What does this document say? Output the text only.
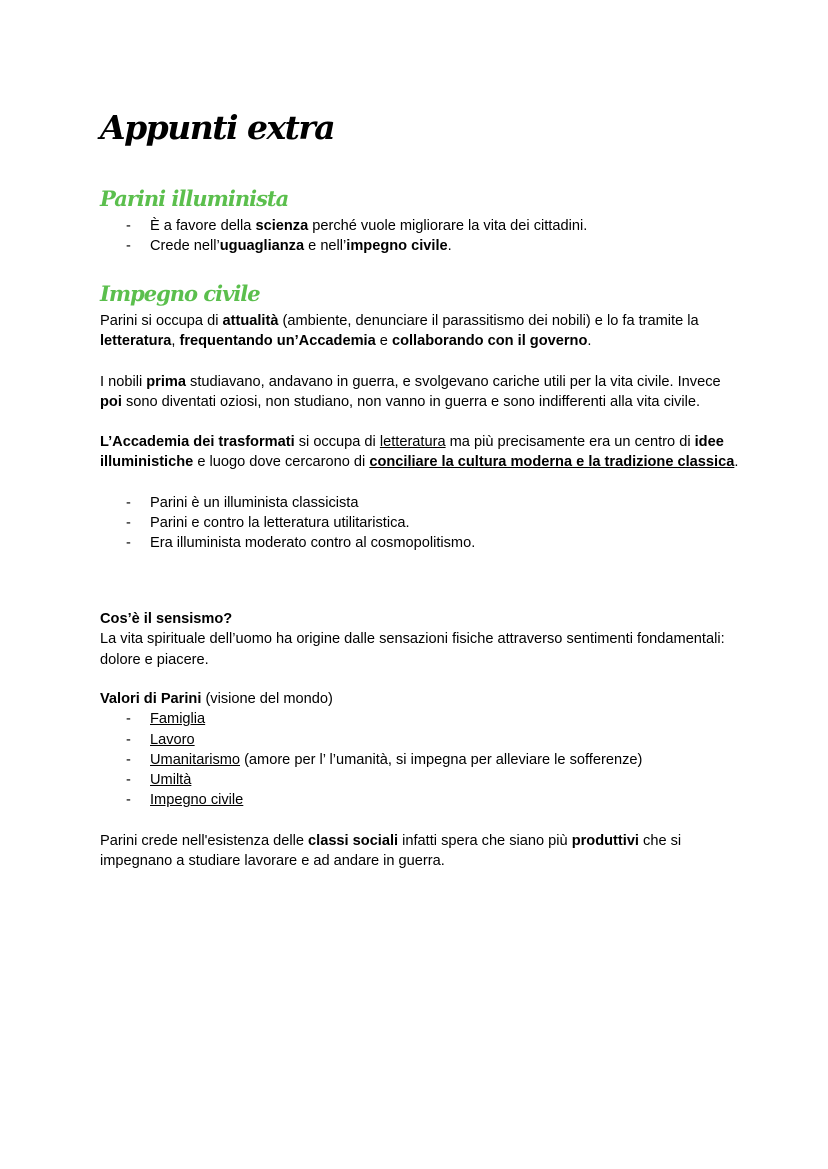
Appunti extra
Parini illuminista
- È a favore della scienza perché vuole migliorare la vita dei cittadini.
- Crede nell’uguaglianza e nell’impegno civile.
Impegno civile

Parini si occupa di attualità (ambiente, denunciare il parassitismo dei nobili) e lo fa tramite la letteratura, frequentando un’Accademia e collaborando con il governo.

I nobili prima studiavano, andavano in guerra, e svolgevano cariche utili per la vita civile. Invece poi sono diventati oziosi, non studiano, non vanno in guerra e sono indifferenti alla vita civile.

L’Accademia dei trasformati si occupa di letteratura ma più precisamente era un centro di idee illuministiche e luogo dove cercarono di conciliare la cultura moderna e la tradizione classica.

- Parini è un illuminista classicista
- Parini e contro la letteratura utilitaristica.
- Era illuminista moderato contro al cosmopolitismo.

Cos’è il sensismo?

La vita spirituale dell’uomo ha origine dalle sensazioni fisiche attraverso sentimenti fondamentali: dolore e piacere.

Valori di Parini (visione del mondo)

- Famiglia
- Lavoro
- Umanitarismo (amore per l’ l’umanità, si impegna per alleviare le sofferenze)
- Umiltà
- Impegno civile

Parini crede nell'esistenza delle classi sociali infatti spera che siano più produttivi che si impegnano a studiare lavorare e ad andare in guerra.
